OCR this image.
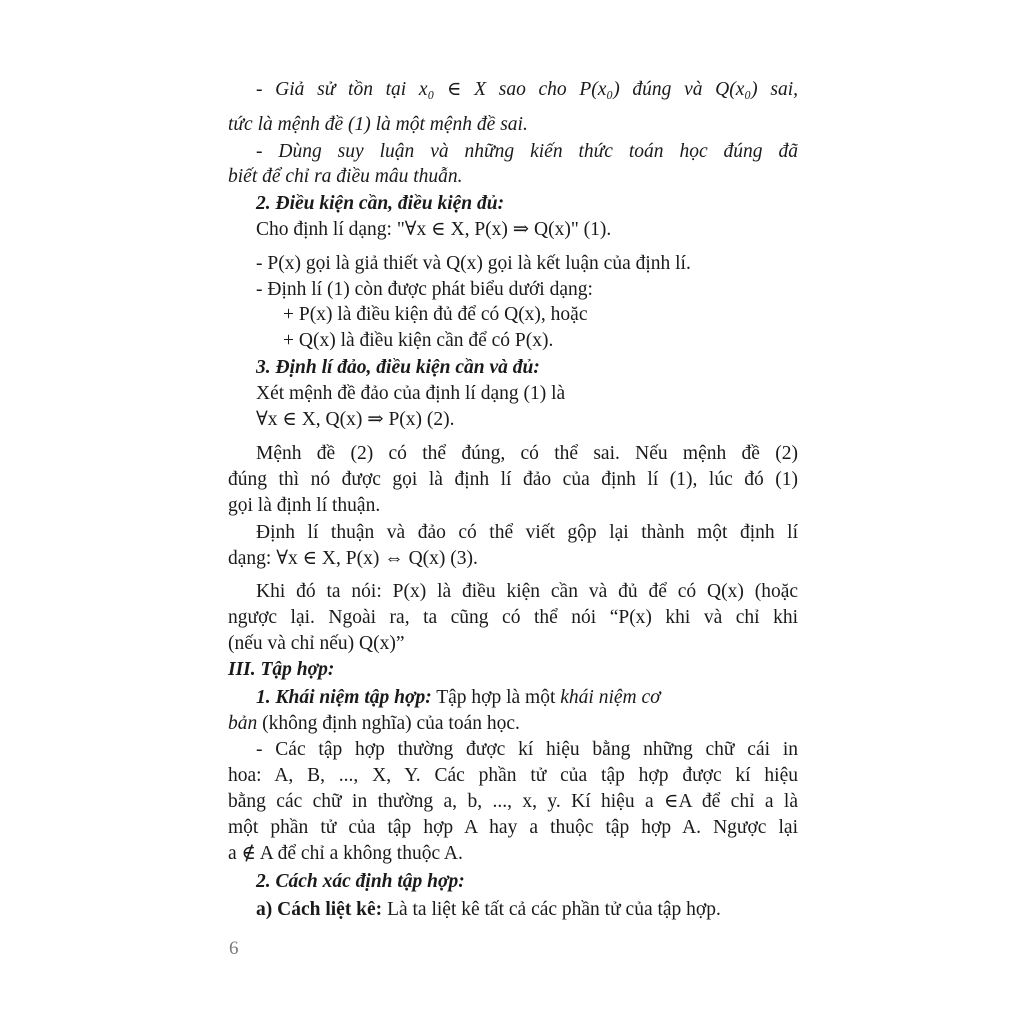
- Giả sử tồn tại x₀ ∈ X sao cho P(x₀) đúng và Q(x₀) sai,
tức là mệnh đề (1) là một mệnh đề sai.
- Dùng suy luận và những kiến thức toán học đúng đã
biết để chỉ ra điều mâu thuẫn.
2. Điều kiện cần, điều kiện đủ:
Cho định lí dạng: "∀x ∈ X, P(x) ⇒ Q(x)" (1).
- P(x) gọi là giả thiết và Q(x) gọi là kết luận của định lí.
- Định lí (1) còn được phát biểu dưới dạng:
+ P(x) là điều kiện đủ để có Q(x), hoặc
+ Q(x) là điều kiện cần để có P(x).
3. Định lí đảo, điều kiện cần và đủ:
Xét mệnh đề đảo của định lí dạng (1) là
∀x ∈ X, Q(x) ⇒ P(x) (2).
Mệnh đề (2) có thể đúng, có thể sai. Nếu mệnh đề (2)
đúng thì nó được gọi là định lí đảo của định lí (1), lúc đó (1)
gọi là định lí thuận.
Định lí thuận và đảo có thể viết gộp lại thành một định lí
dạng: ∀x ∈ X, P(x) ⇔ Q(x) (3).
Khi đó ta nói: P(x) là điều kiện cần và đủ để có Q(x) (hoặc
ngược lại. Ngoài ra, ta cũng có thể nói “P(x) khi và chỉ khi
(nếu và chỉ nếu) Q(x)”
III. Tập hợp:
1. Khái niệm tập hợp: Tập hợp là một khái niệm cơ
bản (không định nghĩa) của toán học.
- Các tập hợp thường được kí hiệu bằng những chữ cái in
hoa: A, B, ..., X, Y. Các phần tử của tập hợp được kí hiệu
bằng các chữ in thường a, b, ..., x, y. Kí hiệu a ∈A để chỉ a là
một phần tử của tập hợp A hay a thuộc tập hợp A. Ngược lại
a ∉ A để chỉ a không thuộc A.
2. Cách xác định tập hợp:
a) Cách liệt kê: Là ta liệt kê tất cả các phần tử của tập hợp.
6
